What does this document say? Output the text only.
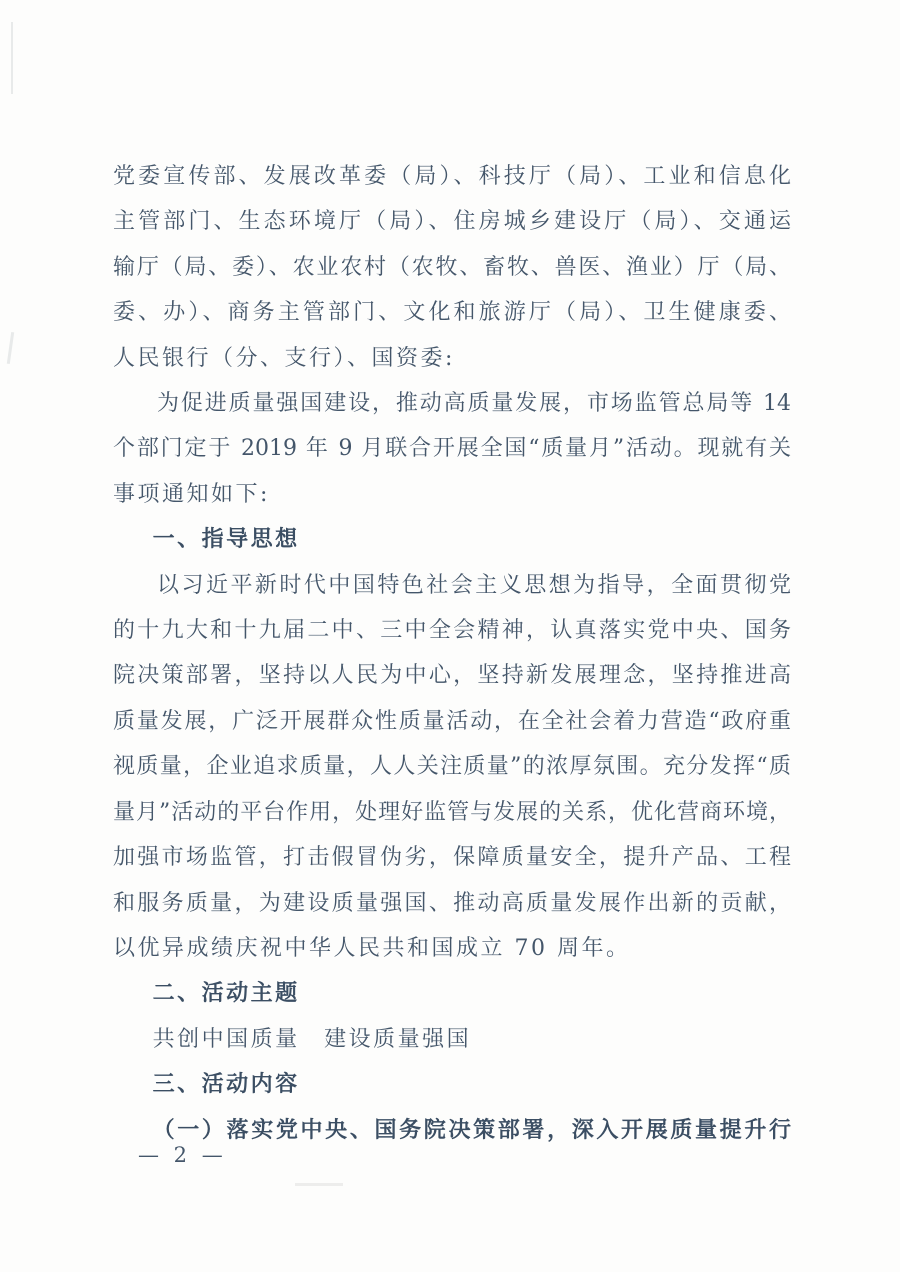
党委宣传部、发展改革委（局）、科技厅（局）、工业和信息化
主管部门、生态环境厅（局）、住房城乡建设厅（局）、交通运
输厅（局、委）、农业农村（农牧、畜牧、兽医、渔业）厅（局、
委、办）、商务主管部门、文化和旅游厅（局）、卫生健康委、
人民银行（分、支行）、国资委:
为促进质量强国建设，推动高质量发展，市场监管总局等 14
个部门定于 2019 年 9 月联合开展全国“质量月”活动。现就有关
事项通知如下:
一、指导思想
以习近平新时代中国特色社会主义思想为指导，全面贯彻党
的十九大和十九届二中、三中全会精神，认真落实党中央、国务
院决策部署，坚持以人民为中心，坚持新发展理念，坚持推进高
质量发展，广泛开展群众性质量活动，在全社会着力营造“政府重
视质量，企业追求质量，人人关注质量”的浓厚氛围。充分发挥“质
量月”活动的平台作用，处理好监管与发展的关系，优化营商环境，
加强市场监管，打击假冒伪劣，保障质量安全，提升产品、工程
和服务质量，为建设质量强国、推动高质量发展作出新的贡献，
以优异成绩庆祝中华人民共和国成立 70 周年。
二、活动主题
共创中国质量　建设质量强国
三、活动内容
（一）落实党中央、国务院决策部署，深入开展质量提升行
— 2 —
